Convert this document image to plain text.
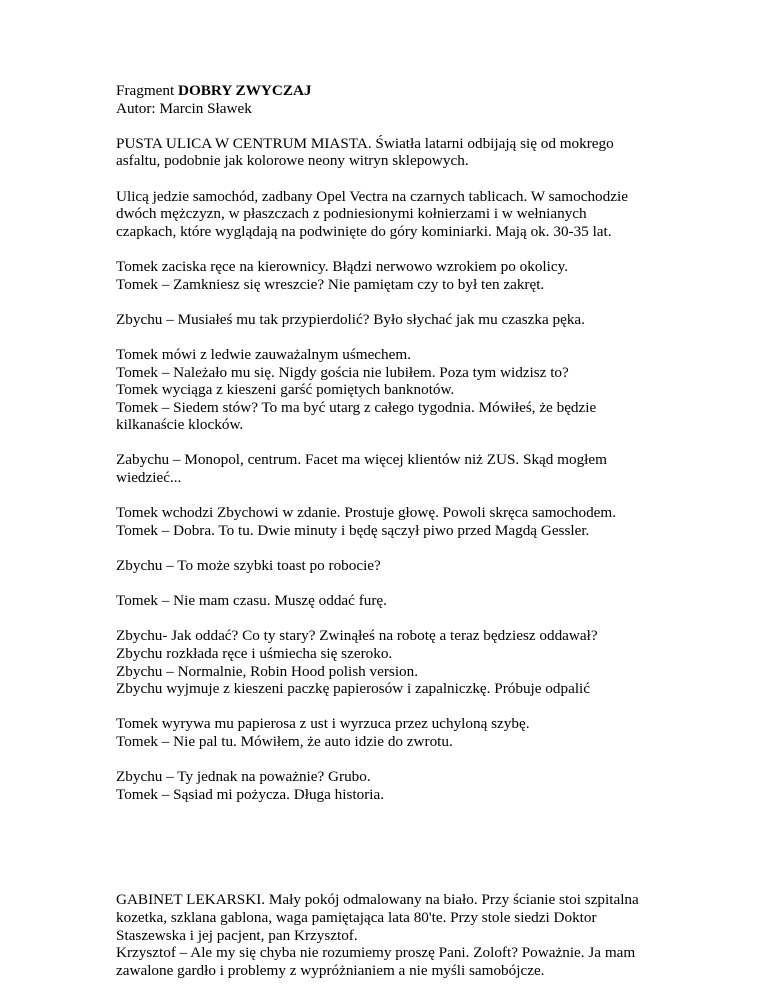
Fragment DOBRY ZWYCZAJ
Autor: Marcin Sławek
PUSTA ULICA W CENTRUM MIASTA. Światła latarni odbijają się od mokrego
asfaltu, podobnie jak kolorowe neony witryn sklepowych.
Ulicą jedzie samochód, zadbany Opel Vectra na czarnych tablicach. W samochodzie
dwóch mężczyzn, w płaszczach z podniesionymi kołnierzami i w wełnianych
czapkach, które wyglądają na podwinięte do góry kominiarki. Mają ok. 30-35 lat.
Tomek zaciska ręce na kierownicy. Błądzi nerwowo wzrokiem po okolicy.
Tomek – Zamkniesz się wreszcie? Nie pamiętam czy to był ten zakręt.
Zbychu – Musiałeś mu tak przypierdolić? Było słychać jak mu czaszka pęka.
Tomek mówi z ledwie zauważalnym uśmechem.
Tomek – Należało mu się. Nigdy gościa nie lubiłem. Poza tym widzisz to?
Tomek wyciąga z kieszeni garść pomiętych banknotów.
Tomek – Siedem stów? To ma być utarg z całego tygodnia. Mówiłeś, że będzie
kilkanaście klocków.
Zabychu – Monopol, centrum. Facet ma więcej klientów niż ZUS. Skąd mogłem
wiedzieć...
Tomek wchodzi Zbychowi w zdanie. Prostuje głowę. Powoli skręca samochodem.
Tomek – Dobra. To tu. Dwie minuty i będę sączył piwo przed Magdą Gessler.
Zbychu – To może szybki toast po robocie?
Tomek – Nie mam czasu. Muszę oddać furę.
Zbychu- Jak oddać? Co ty stary? Zwinąłeś na robotę a teraz będziesz oddawał?
Zbychu rozkłada ręce i uśmiecha się szeroko.
Zbychu – Normalnie, Robin Hood polish version.
Zbychu wyjmuje z kieszeni paczkę papierosów i zapalniczkę. Próbuje odpalić
Tomek wyrywa mu papierosa z ust i wyrzuca przez uchyloną szybę.
Tomek – Nie pal tu. Mówiłem, że auto idzie do zwrotu.
Zbychu – Ty jednak na poważnie? Grubo.
Tomek – Sąsiad mi pożycza. Długa historia.
GABINET LEKARSKI. Mały pokój odmalowany na biało. Przy ścianie stoi szpitalna
kozetka, szklana gablona, waga pamiętająca lata 80'te. Przy stole siedzi Doktor
Staszewska i jej pacjent, pan Krzysztof.
Krzysztof – Ale my się chyba nie rozumiemy proszę Pani. Zoloft? Poważnie. Ja mam
zawalone gardło i problemy z wypróżnianiem a nie myśli samobójcze.
